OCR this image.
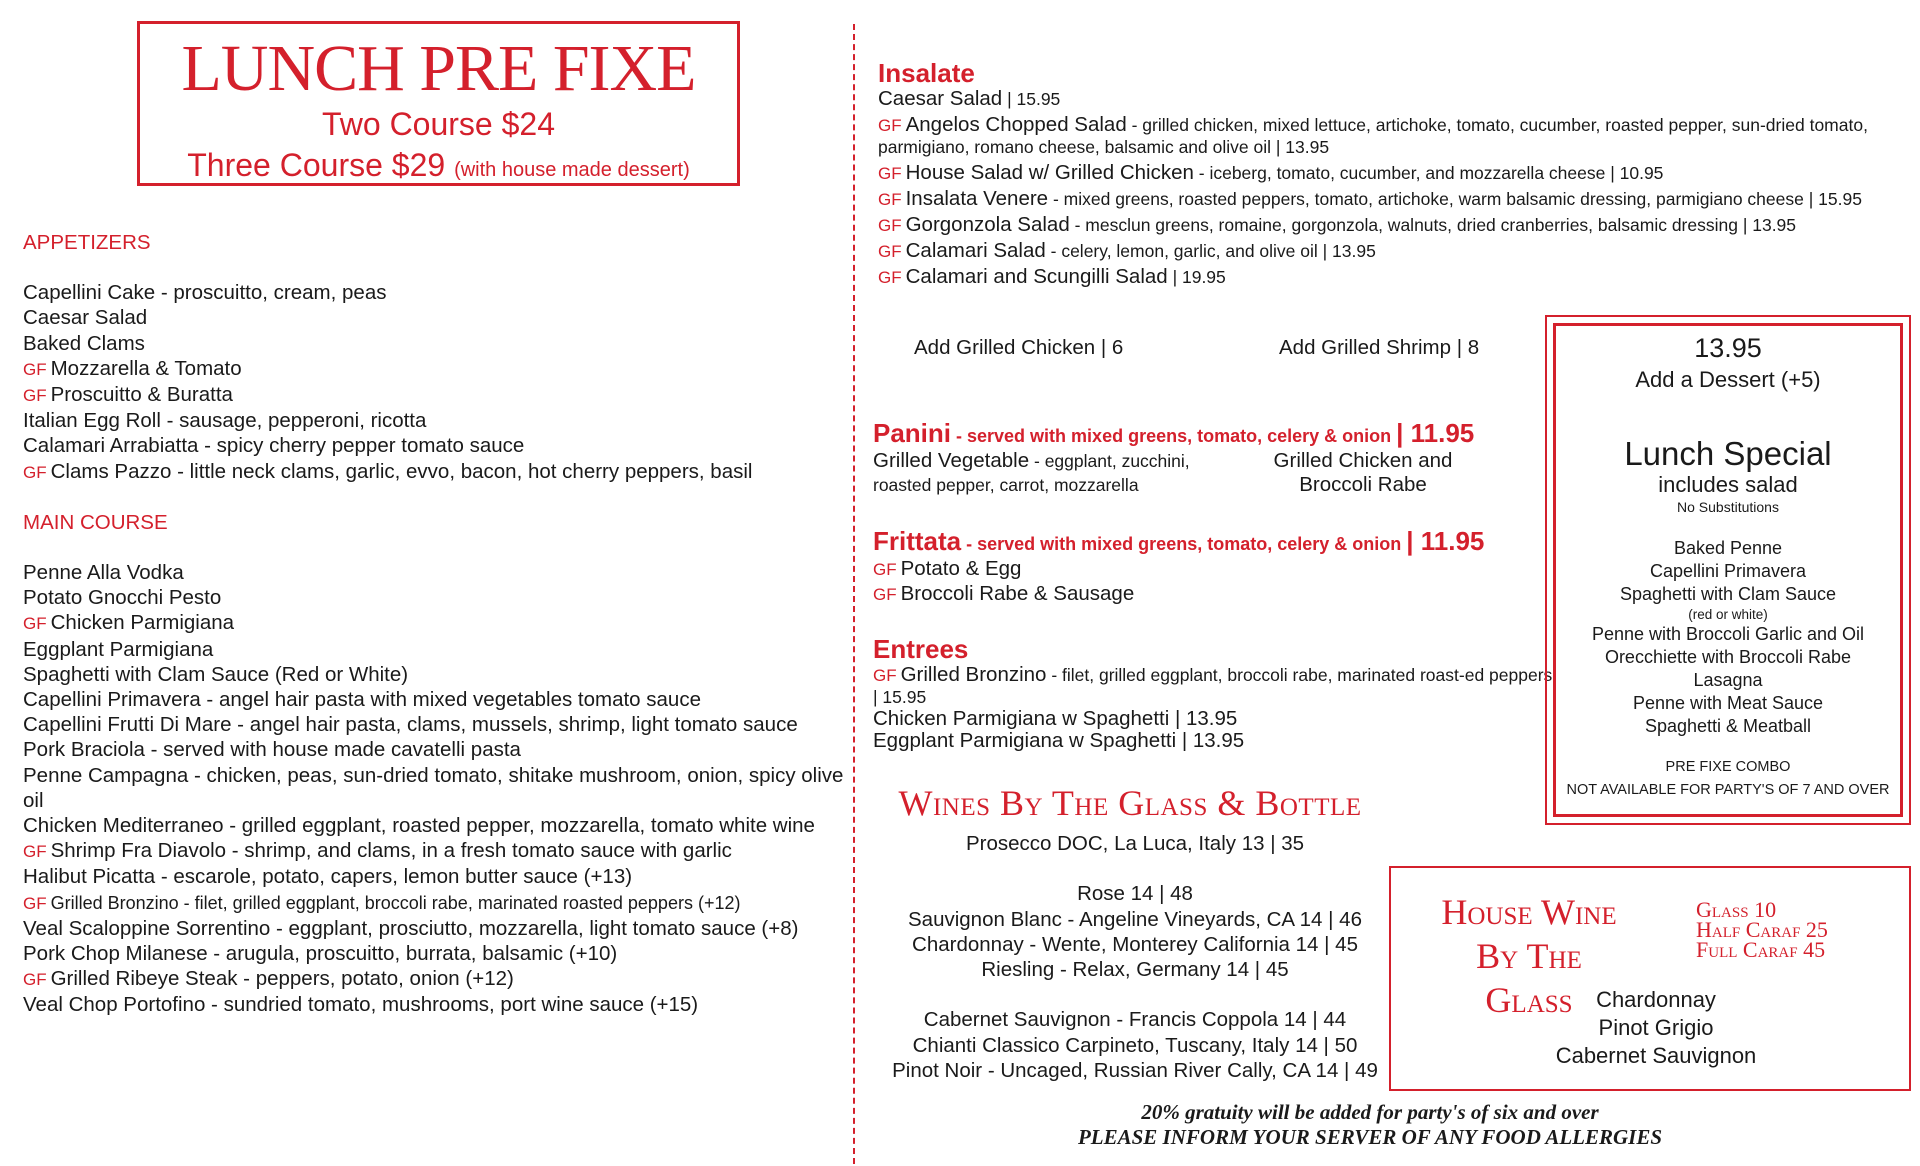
LUNCH PRE FIXE
Two Course $24
Three Course $29 (with house made dessert)
APPETIZERS
Capellini Cake - proscuitto, cream, peas
Caesar Salad
Baked Clams
GF Mozzarella & Tomato
GF Proscuitto & Buratta
Italian Egg Roll - sausage, pepperoni, ricotta
Calamari Arrabiatta - spicy cherry pepper tomato sauce
GF Clams Pazzo - little neck clams, garlic, evvo, bacon, hot cherry peppers, basil
MAIN COURSE
Penne Alla Vodka
Potato Gnocchi Pesto
GF Chicken Parmigiana
Eggplant Parmigiana
Spaghetti with Clam Sauce (Red or White)
Capellini Primavera - angel hair pasta with mixed vegetables tomato sauce
Capellini Frutti Di Mare - angel hair pasta, clams, mussels, shrimp, light tomato sauce
Pork Braciola - served with house made cavatelli pasta
Penne Campagna - chicken, peas, sun-dried tomato, shitake mushroom, onion, spicy olive oil
Chicken Mediterraneo - grilled eggplant, roasted pepper, mozzarella, tomato white wine
GF Shrimp Fra Diavolo - shrimp, and clams, in a fresh tomato sauce with garlic
Halibut Picatta - escarole, potato, capers, lemon butter sauce (+13)
GF Grilled Bronzino - filet, grilled eggplant, broccoli rabe, marinated roasted peppers (+12)
Veal Scaloppine Sorrentino - eggplant, prosciutto, mozzarella, light tomato sauce (+8)
Pork Chop Milanese - arugula, proscuitto, burrata, balsamic (+10)
GF Grilled Ribeye Steak - peppers, potato, onion (+12)
Veal Chop Portofino - sundried tomato, mushrooms, port wine sauce (+15)
Insalate
Caesar Salad | 15.95
GF Angelos Chopped Salad - grilled chicken, mixed lettuce, artichoke, tomato, cucumber, roasted pepper, sun-dried tomato, parmigiano, romano cheese, balsamic and olive oil | 13.95
GF House Salad w/ Grilled Chicken - iceberg, tomato, cucumber, and mozzarella cheese | 10.95
GF Insalata Venere - mixed greens, roasted peppers, tomato, artichoke, warm balsamic dressing, parmigiano cheese | 15.95
GF Gorgonzola Salad - mesclun greens, romaine, gorgonzola, walnuts, dried cranberries, balsamic dressing | 13.95
GF Calamari Salad - celery, lemon, garlic, and olive oil | 13.95
GF Calamari and Scungilli Salad | 19.95
Add Grilled Chicken | 6	Add Grilled Shrimp | 8
Panini - served with mixed greens, tomato, celery & onion | 11.95
Grilled Vegetable - eggplant, zucchini,
roasted pepper, carrot, mozzarella
Grilled Chicken and
Broccoli Rabe
Frittata - served with mixed greens, tomato, celery & onion | 11.95
GF Potato & Egg
GF Broccoli Rabe & Sausage
Entrees
GF Grilled Bronzino - filet, grilled eggplant, broccoli rabe, marinated roast-ed peppers | 15.95
Chicken Parmigiana w Spaghetti | 13.95
Eggplant Parmigiana w Spaghetti | 13.95
Wines By The Glass & Bottle
Prosecco DOC, La Luca, Italy 13 | 35
Rose 14 | 48
Sauvignon Blanc - Angeline Vineyards, CA 14 | 46
Chardonnay - Wente, Monterey California 14 | 45
Riesling - Relax, Germany 14 | 45
Cabernet Sauvignon - Francis Coppola 14 | 44
Chianti Classico Carpineto, Tuscany, Italy 14 | 50
Pinot Noir - Uncaged, Russian River Cally, CA 14 | 49
House Wine
By The Glass
Glass 10
Half Caraf 25
Full Caraf 45
Chardonnay
Pinot Grigio
Cabernet Sauvignon
13.95
Add a Dessert (+5)
Lunch Special
includes salad
No Substitutions
Baked Penne
Capellini Primavera
Spaghetti with Clam Sauce
(red or white)
Penne with Broccoli Garlic and Oil
Orecchiette with Broccoli Rabe
Lasagna
Penne with Meat Sauce
Spaghetti & Meatball
PRE FIXE COMBO
NOT AVAILABLE FOR PARTY'S OF 7 AND OVER
20% gratuity will be added for party's of six and over
PLEASE INFORM YOUR SERVER OF ANY FOOD ALLERGIES
